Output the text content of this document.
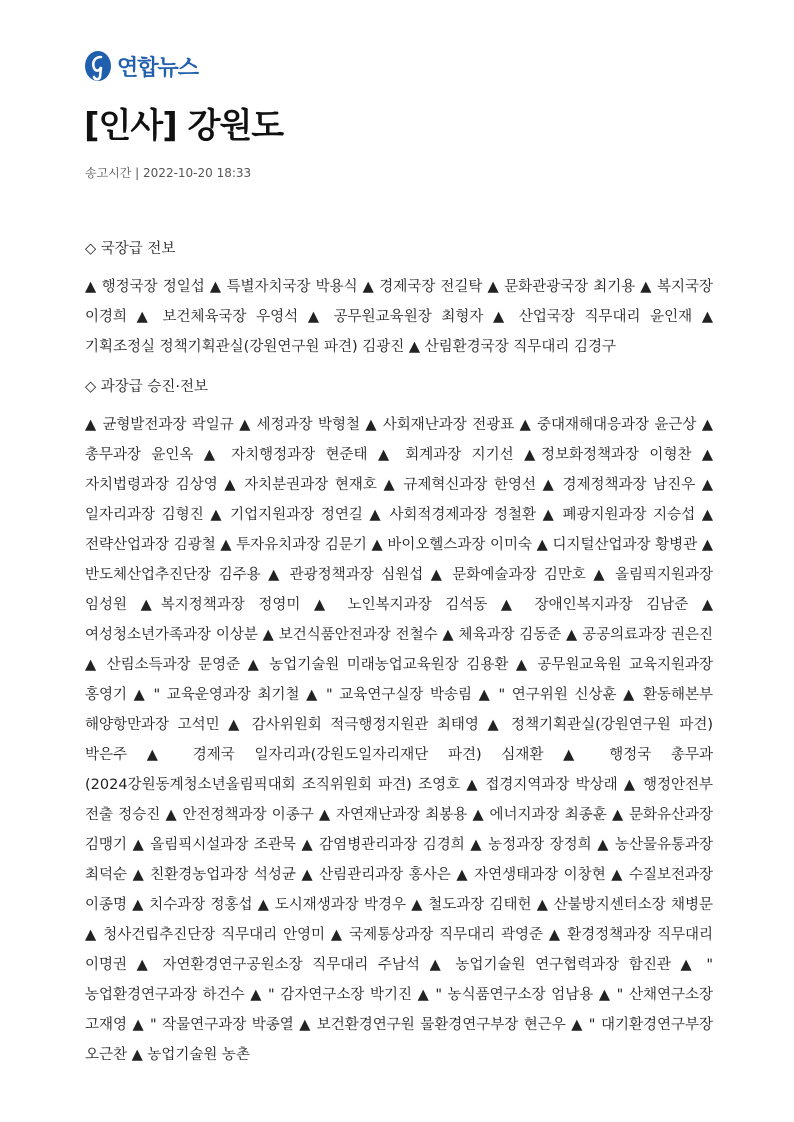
연합뉴스
[인사] 강원도
송고시간 | 2022-10-20 18:33
◇ 국장급 전보

▲ 행정국장 정일섭 ▲ 특별자치국장 박용식 ▲ 경제국장 전길탁 ▲ 문화관광국장 최기용 ▲ 복지국장 이경희 ▲ 보건체육국장 우영석 ▲ 공무원교육원장 최형자 ▲ 산업국장 직무대리 윤인재 ▲ 기획조정실 정책기획관실(강원연구원 파견) 김광진 ▲ 산림환경국장 직무대리 김경구

◇ 과장급 승진·전보

▲ 균형발전과장 곽일규 ▲ 세정과장 박형철 ▲ 사회재난과장 전광표 ▲ 중대재해대응과장 윤근상 ▲ 총무과장 윤인옥 ▲ 자치행정과장 현준태 ▲ 회계과장 지기선 ▲정보화정책과장 이형찬 ▲ 자치법령과장 김상영 ▲ 자치분권과장 현재호 ▲ 규제혁신과장 한영선 ▲ 경제정책과장 남진우 ▲ 일자리과장 김형진 ▲ 기업지원과장 정연길 ▲ 사회적경제과장 정철환 ▲ 폐광지원과장 지승섭 ▲ 전략산업과장 김광철 ▲ 투자유치과장 김문기 ▲ 바이오헬스과장 이미숙 ▲ 디지털산업과장 황병관 ▲ 반도체산업추진단장 김주용 ▲ 관광정책과장 심원섭 ▲ 문화예술과장 김만호 ▲ 올림픽지원과장 임성원 ▲복지정책과장 정영미 ▲ 노인복지과장 김석동 ▲ 장애인복지과장 김남준 ▲ 여성청소년가족과장 이상분 ▲ 보건식품안전과장 전철수 ▲ 체육과장 김동준 ▲ 공공의료과장 권은진 ▲ 산림소득과장 문영준 ▲ 농업기술원 미래농업교육원장 김용환 ▲ 공무원교육원 교육지원과장 홍영기 ▲ " 교육운영과장 최기철 ▲ " 교육연구실장 박송림 ▲ " 연구위원 신상훈 ▲ 환동해본부 해양항만과장 고석민 ▲ 감사위원회 적극행정지원관 최태영 ▲ 정책기획관실(강원연구원 파견) 박은주 ▲ 경제국 일자리과(강원도일자리재단 파견) 심재환 ▲ 행정국 총무과(2024강원동계청소년올림픽대회 조직위원회 파견) 조영호 ▲ 접경지역과장 박상래 ▲ 행정안전부 전출 정승진 ▲ 안전정책과장 이종구 ▲ 자연재난과장 최봉용 ▲ 에너지과장 최종훈 ▲ 문화유산과장 김맹기 ▲ 올림픽시설과장 조관묵 ▲ 감염병관리과장 김경희 ▲ 농정과장 장정희 ▲ 농산물유통과장 최덕순 ▲ 친환경농업과장 석성균 ▲ 산림관리과장 홍사은 ▲ 자연생태과장 이창현 ▲ 수질보전과장 이종명 ▲ 치수과장 정홍섭 ▲ 도시재생과장 박경우 ▲ 철도과장 김태헌 ▲ 산불방지센터소장 채병문 ▲ 청사건립추진단장 직무대리 안영미 ▲ 국제통상과장 직무대리 곽영준 ▲ 환경정책과장 직무대리 이명권 ▲ 자연환경연구공원소장 직무대리 주남석 ▲ 농업기술원 연구협력과장 함진관 ▲ " 농업환경연구과장 하건수 ▲ " 감자연구소장 박기진 ▲ " 농식품연구소장 엄남용 ▲ " 산채연구소장 고재영 ▲ " 작물연구과장 박종열 ▲ 보건환경연구원 물환경연구부장 현근우 ▲ " 대기환경연구부장 오근찬 ▲ 농업기술원 농촌
